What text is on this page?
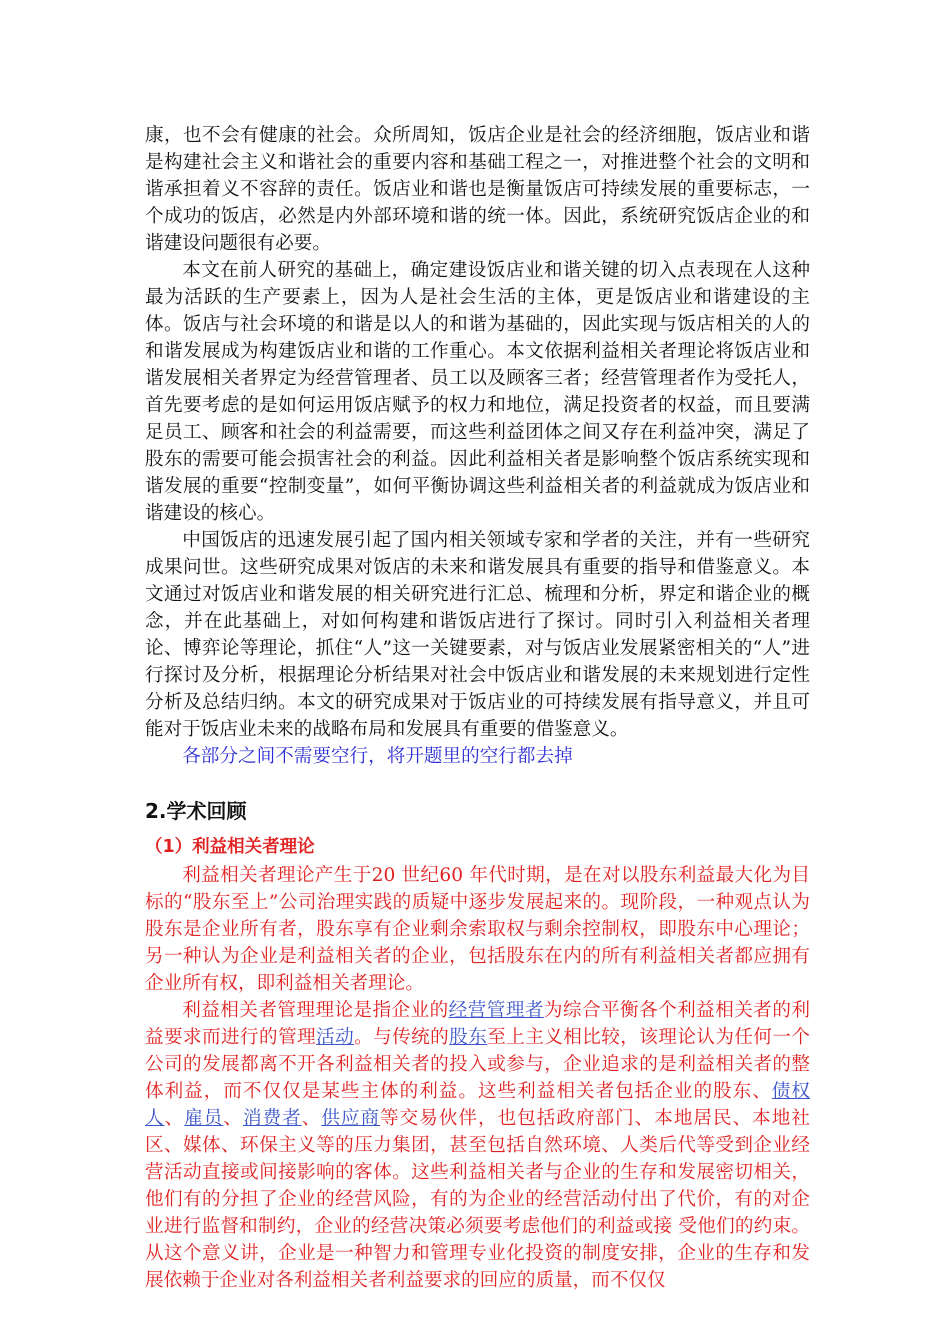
康，也不会有健康的社会。众所周知，饭店企业是社会的经济细胞，饭店业和谐是构建社会主义和谐社会的重要内容和基础工程之一，对推进整个社会的文明和谐承担着义不容辞的责任。饭店业和谐也是衡量饭店可持续发展的重要标志，一个成功的饭店，必然是内外部环境和谐的统一体。因此，系统研究饭店企业的和谐建设问题很有必要。

本文在前人研究的基础上，确定建设饭店业和谐关键的切入点表现在人这种最为活跃的生产要素上，因为人是社会生活的主体，更是饭店业和谐建设的主体。饭店与社会环境的和谐是以人的和谐为基础的，因此实现与饭店相关的人的和谐发展成为构建饭店业和谐的工作重心。本文依据利益相关者理论将饭店业和谐发展相关者界定为经营管理者、员工以及顾客三者；经营管理者作为受托人，首先要考虑的是如何运用饭店赋予的权力和地位，满足投资者的权益，而且要满足员工、顾客和社会的利益需要，而这些利益团体之间又存在利益冲突，满足了股东的需要可能会损害社会的利益。因此利益相关者是影响整个饭店系统实现和谐发展的重要“控制变量”，如何平衡协调这些利益相关者的利益就成为饭店业和谐建设的核心。

中国饭店的迅速发展引起了国内相关领域专家和学者的关注，并有一些研究成果问世。这些研究成果对饭店的未来和谐发展具有重要的指导和借鉴意义。本文通过对饭店业和谐发展的相关研究进行汇总、梳理和分析，界定和谐企业的概念，并在此基础上，对如何构建和谐饭店进行了探讨。同时引入利益相关者理论、博弈论等理论，抓住“人”这一关键要素，对与饭店业发展紧密相关的“人”进行探讨及分析，根据理论分析结果对社会中饭店业和谐发展的未来规划进行定性分析及总结归纳。本文的研究成果对于饭店业的可持续发展有指导意义，并且可能对于饭店业未来的战略布局和发展具有重要的借鉴意义。

各部分之间不需要空行，将开题里的空行都去掉

2.学术回顾
（1）利益相关者理论

利益相关者理论产生于20 世纪60 年代时期，是在对以股东利益最大化为目标的“股东至上”公司治理实践的质疑中逐步发展起来的。现阶段，一种观点认为股东是企业所有者，股东享有企业剩余索取权与剩余控制权，即股东中心理论；另一种认为企业是利益相关者的企业，包括股东在内的所有利益相关者都应拥有企业所有权，即利益相关者理论。

利益相关者管理理论是指企业的经营管理者为综合平衡各个利益相关者的利益要求而进行的管理活动。与传统的股东至上主义相比较，该理论认为任何一个公司的发展都离不开各利益相关者的投入或参与，企业追求的是利益相关者的整体利益，而不仅仅是某些主体的利益。这些利益相关者包括企业的股东、债权人、雇员、消费者、供应商等交易伙伴，也包括政府部门、本地居民、本地社区、媒体、环保主义等的压力集团，甚至包括自然环境、人类后代等受到企业经营活动直接或间接影响的客体。这些利益相关者与企业的生存和发展密切相关，他们有的分担了企业的经营风险，有的为企业的经营活动付出了代价，有的对企业进行监督和制约，企业的经营决策必须要考虑他们的利益或接 受他们的约束。从这个意义讲，企业是一种智力和管理专业化投资的制度安排，企业的生存和发展依赖于企业对各利益相关者利益要求的回应的质量，而不仅仅
